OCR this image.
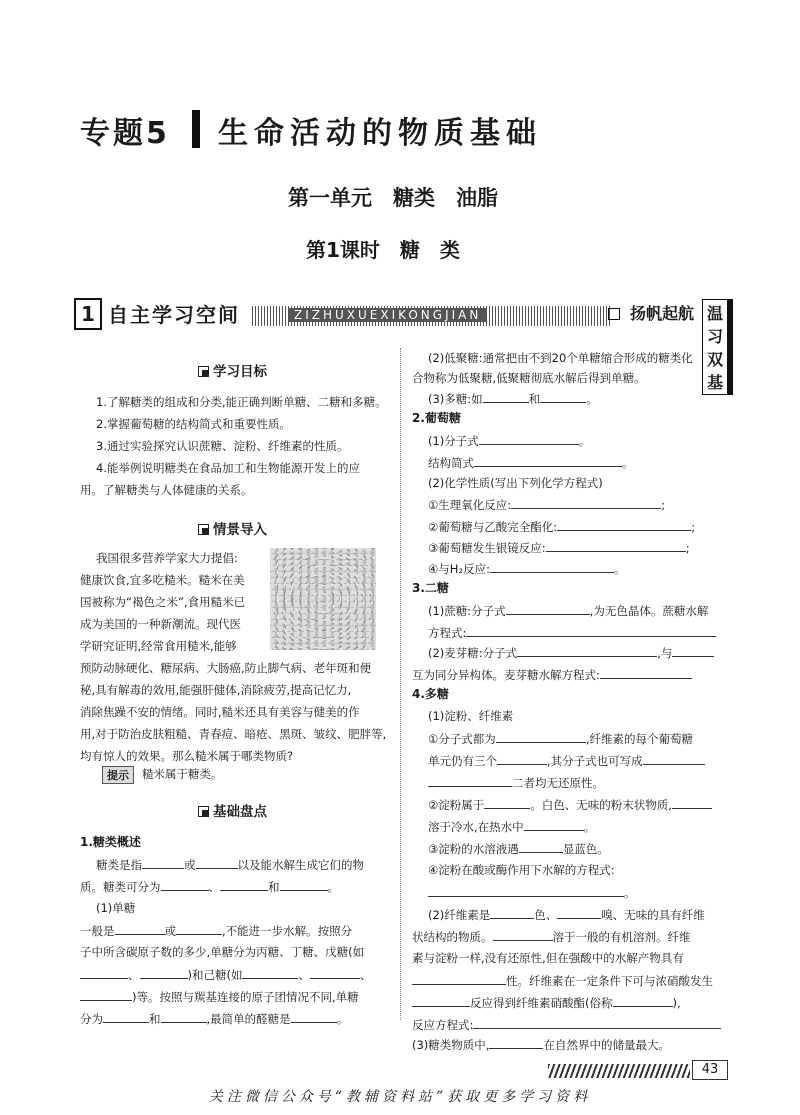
专题5 生命活动的物质基础
第一单元　糖类　油脂
第1课时　糖　类
1 自主学习空间	ZIZHUXUEXIKONGJIAN	扬帆起航 温习双基
学习目标
1.了解糖类的组成和分类,能正确判断单糖、二糖和多糖。
2.掌握葡萄糖的结构简式和重要性质。
3.通过实验探究认识蔗糖、淀粉、纤维素的性质。
4.能举例说明糖类在食品加工和生物能源开发上的应
用。了解糖类与人体健康的关系。
情景导入
我国很多营养学家大力提倡:
健康饮食,宜多吃糙米。糙米在美
国被称为“褐色之米”,食用糙米已
成为美国的一种新潮流。现代医
学研究证明,经常食用糙米,能够
预防动脉硬化、糖尿病、大肠癌,防止脚气病、老年斑和便
秘,具有解毒的效用,能强肝健体,消除疲劳,提高记忆力,
消除焦躁不安的情绪。同时,糙米还具有美容与健美的作
用,对于防治皮肤粗糙、青春痘、暗疮、黑斑、皱纹、肥胖等,
均有惊人的效果。那么糙米属于哪类物质?
提示	糙米属于糖类。
基础盘点
1.糖类概述
糖类是指	或	以及能水解生成它们的物
质。糖类可分为	、	和	。
(1)单糖
一般是	或	,不能进一步水解。按照分
子中所含碳原子数的多少,单糖分为丙糖、丁糖、戊糖(如
、	)和己糖(如	、	、
)等。按照与羰基连接的原子团情况不同,单糖
分为	和	,最简单的醛糖是	。
(2)低聚糖:通常把由不到20个单糖缩合形成的糖类化
合物称为低聚糖,低聚糖彻底水解后得到单糖。
(3)多糖:如	和	。
2.葡萄糖
(1)分子式	。
结构简式	。
(2)化学性质(写出下列化学方程式)
①生理氧化反应:	;
②葡萄糖与乙酸完全酯化:	;
③葡萄糖发生银镜反应:	;
④与H₂反应:	。
3.二糖
(1)蔗糖:分子式	,为无色晶体。蔗糖水解
方程式:
(2)麦芽糖:分子式	,与
互为同分异构体。麦芽糖水解方程式:
4.多糖
(1)淀粉、纤维素
①分子式都为	,纤维素的每个葡萄糖
单元仍有三个	,其分子式也可写成
二者均无还原性。
②淀粉属于	。白色、无味的粉末状物质,
溶于冷水,在热水中	。
③淀粉的水溶液遇	显蓝色。
④淀粉在酸或酶作用下水解的方程式:
。
(2)纤维素是	色、	嗅、无味的具有纤维
状结构的物质。	溶于一般的有机溶剂。纤维
素与淀粉一样,没有还原性,但在强酸中的水解产物具有
性。纤维素在一定条件下可与浓硝酸发生
反应得到纤维素硝酸酯(俗称	),
反应方程式:
(3)糖类物质中,	在自然界中的储量最大。
43
关注微信公众号“教辅资料站”获取更多学习资料
